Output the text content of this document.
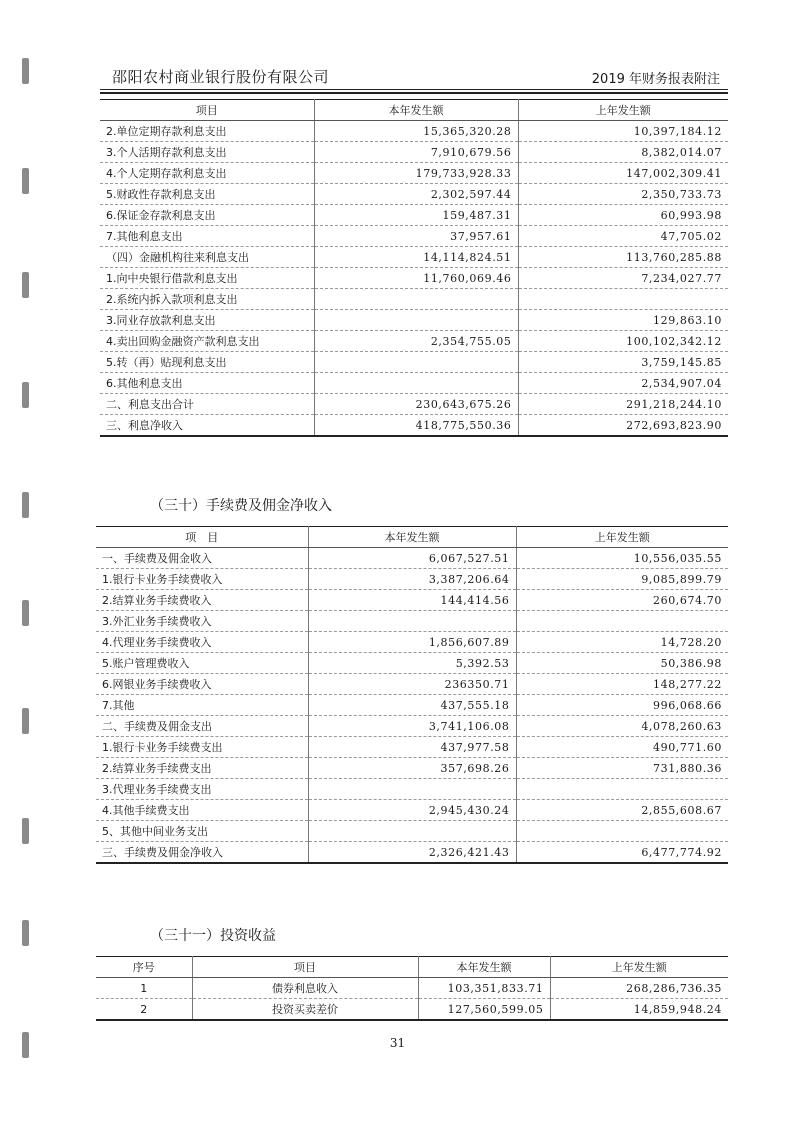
邵阳农村商业银行股份有限公司	2019 年财务报表附注
项目	本年发生额	上年发生额
2.单位定期存款利息支出	15,365,320.28	10,397,184.12
3.个人活期存款利息支出	7,910,679.56	8,382,014.07
4.个人定期存款利息支出	179,733,928.33	147,002,309.41
5.财政性存款利息支出	2,302,597.44	2,350,733.73
6.保证金存款利息支出	159,487.31	60,993.98
7.其他利息支出	37,957.61	47,705.02
（四）金融机构往来利息支出	14,114,824.51	113,760,285.88
1.向中央银行借款利息支出	11,760,069.46	7,234,027.77
2.系统内拆入款项利息支出		
3.同业存放款利息支出		129,863.10
4.卖出回购金融资产款利息支出	2,354,755.05	100,102,342.12
5.转（再）贴现利息支出		3,759,145.85
6.其他利息支出		2,534,907.04
二、利息支出合计	230,643,675.26	291,218,244.10
三、利息净收入	418,775,550.36	272,693,823.90
（三十）手续费及佣金净收入
项　目	本年发生额	上年发生额
一、手续费及佣金收入	6,067,527.51	10,556,035.55
1.银行卡业务手续费收入	3,387,206.64	9,085,899.79
2.结算业务手续费收入	144,414.56	260,674.70
3.外汇业务手续费收入		
4.代理业务手续费收入	1,856,607.89	14,728.20
5.账户管理费收入	5,392.53	50,386.98
6.网银业务手续费收入	236350.71	148,277.22
7.其他	437,555.18	996,068.66
二、手续费及佣金支出	3,741,106.08	4,078,260.63
1.银行卡业务手续费支出	437,977.58	490,771.60
2.结算业务手续费支出	357,698.26	731,880.36
3.代理业务手续费支出		
4.其他手续费支出	2,945,430.24	2,855,608.67
5、其他中间业务支出		
三、手续费及佣金净收入	2,326,421.43	6,477,774.92
（三十一）投资收益
序号	项目	本年发生额	上年发生额
1	债券利息收入	103,351,833.71	268,286,736.35
2	投资买卖差价	127,560,599.05	14,859,948.24
31
